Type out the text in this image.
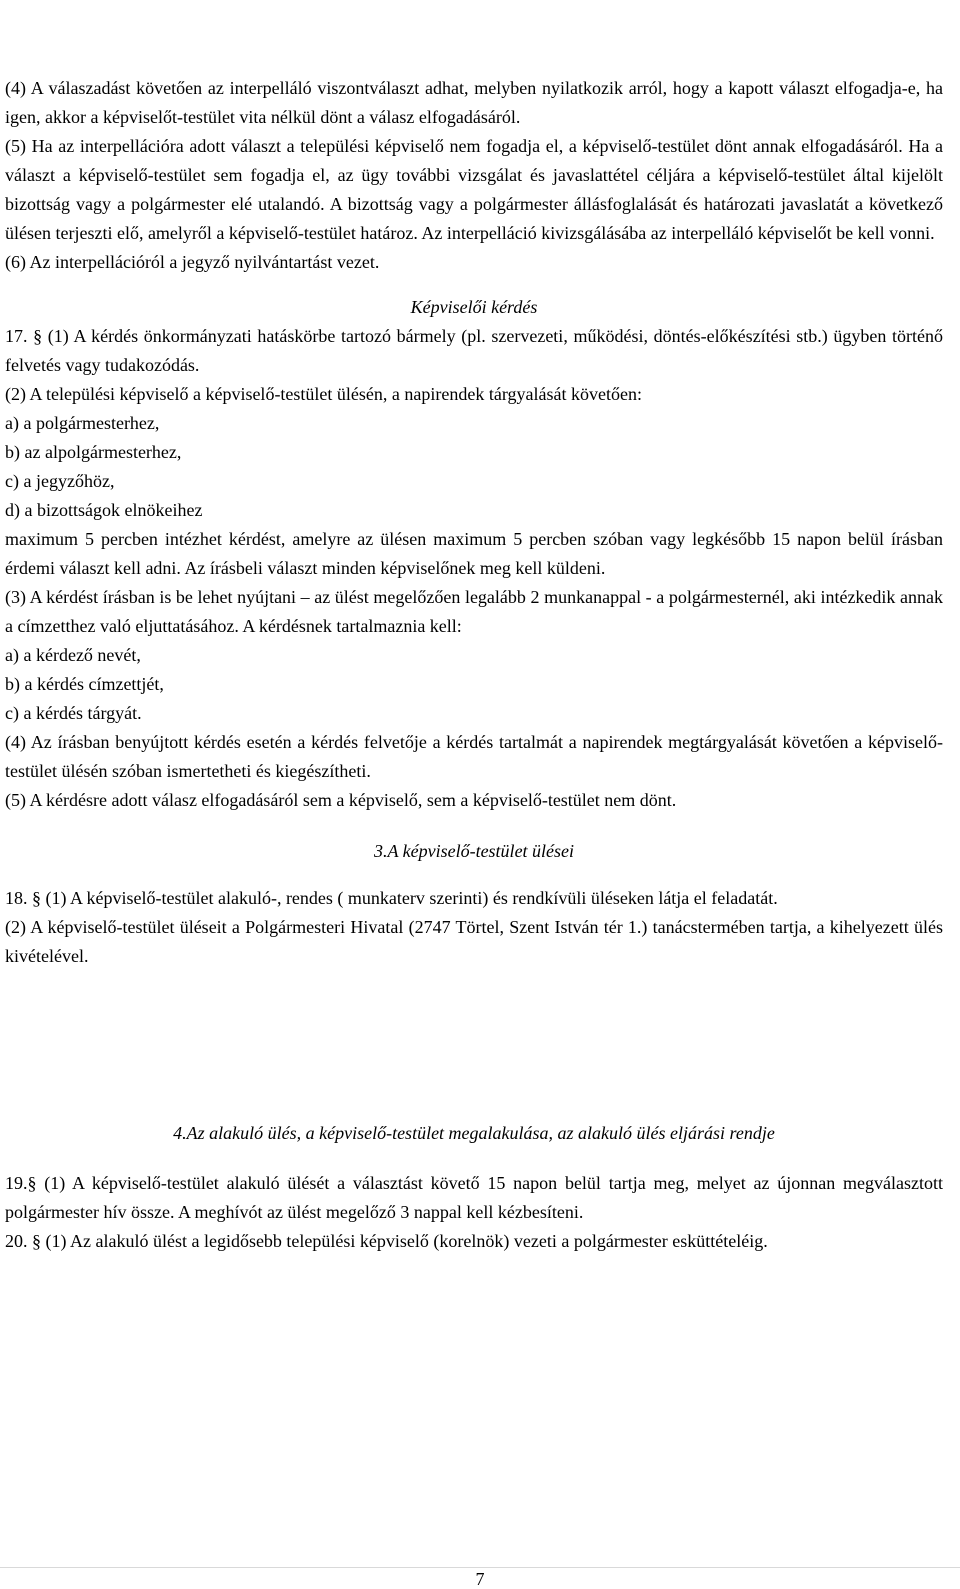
(4) A válaszadást követően az interpelláló viszontválaszt adhat, melyben nyilatkozik arról, hogy a kapott választ elfogadja-e, ha igen, akkor a képviselőt-testület vita nélkül dönt a válasz elfogadásáról.

(5) Ha az interpellációra adott választ a települési képviselő nem fogadja el, a képviselő-testület dönt annak elfogadásáról. Ha a választ a képviselő-testület sem fogadja el, az ügy további vizsgálat és javaslattétel céljára a képviselő-testület által kijelölt bizottság vagy a polgármester elé utalandó. A bizottság vagy a polgármester állásfoglalását és határozati javaslatát a következő ülésen terjeszti elő, amelyről a képviselő-testület határoz. Az interpelláció kivizsgálásába az interpelláló képviselőt be kell vonni.

(6) Az interpellációról a jegyző nyilvántartást vezet.

Képviselői kérdés

17. § (1) A kérdés önkormányzati hatáskörbe tartozó bármely (pl. szervezeti, működési, döntés-előkészítési stb.) ügyben történő felvetés vagy tudakozódás.

(2) A települési képviselő a képviselő-testület ülésén, a napirendek tárgyalását követően:

a) a polgármesterhez,

b) az alpolgármesterhez,

c) a jegyzőhöz,

d) a bizottságok elnökeihez

maximum 5 percben intézhet kérdést, amelyre az ülésen maximum 5 percben szóban vagy legkésőbb 15 napon belül írásban érdemi választ kell adni. Az írásbeli választ minden képviselőnek meg kell küldeni.

(3) A kérdést írásban is be lehet nyújtani – az ülést megelőzően legalább 2 munkanappal - a polgármesternél, aki intézkedik annak a címzetthez való eljuttatásához. A kérdésnek tartalmaznia kell:

a) a kérdező nevét,

b) a kérdés címzettjét,

c) a kérdés tárgyát.

(4) Az írásban benyújtott kérdés esetén a kérdés felvetője a kérdés tartalmát a napirendek megtárgyalását követően a képviselő-testület ülésén szóban ismertetheti és kiegészítheti.

(5) A kérdésre adott válasz elfogadásáról sem a képviselő, sem a képviselő-testület nem dönt.

3.A képviselő-testület ülései

18. § (1) A képviselő-testület alakuló-, rendes ( munkaterv szerinti) és rendkívüli üléseken látja el feladatát.

(2) A képviselő-testület üléseit a Polgármesteri Hivatal (2747 Törtel, Szent István tér 1.) tanácstermében tartja, a kihelyezett ülés kivételével.

4.Az alakuló ülés, a képviselő-testület megalakulása, az alakuló ülés eljárási rendje

19.§ (1) A képviselő-testület alakuló ülését a választást követő 15 napon belül tartja meg, melyet az újonnan megválasztott polgármester hív össze. A meghívót az ülést megelőző 3 nappal kell kézbesíteni.

20. § (1) Az alakuló ülést a legidősebb települési képviselő (korelnök) vezeti a polgármester esküttételéig.

7
